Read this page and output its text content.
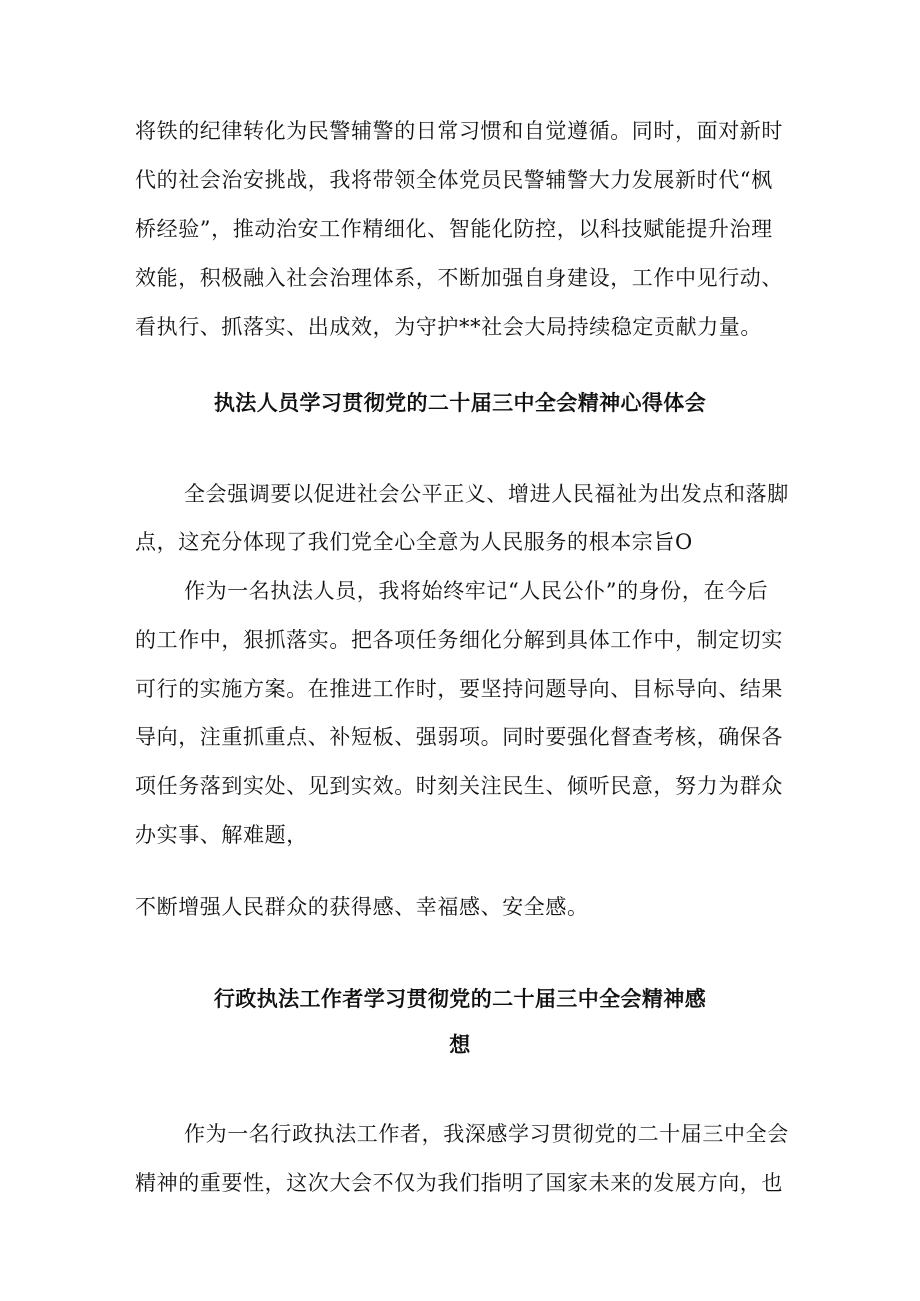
将铁的纪律转化为民警辅警的日常习惯和自觉遵循。同时，面对新时
代的社会治安挑战，我将带领全体党员民警辅警大力发展新时代“枫
桥经验”，推动治安工作精细化、智能化防控，以科技赋能提升治理
效能，积极融入社会治理体系，不断加强自身建设，工作中见行动、
看执行、抓落实、出成效，为守护**社会大局持续稳定贡献力量。
执法人员学习贯彻党的二十届三中全会精神心得体会
全会强调要以促进社会公平正义、增进人民福祉为出发点和落脚
点，这充分体现了我们党全心全意为人民服务的根本宗旨O
作为一名执法人员，我将始终牢记“人民公仆”的身份，在今后
的工作中，狠抓落实。把各项任务细化分解到具体工作中，制定切实
可行的实施方案。在推进工作时，要坚持问题导向、目标导向、结果
导向，注重抓重点、补短板、强弱项。同时要强化督查考核，确保各
项任务落到实处、见到实效。时刻关注民生、倾听民意，努力为群众
办实事、解难题，
不断增强人民群众的获得感、幸福感、安全感。
行政执法工作者学习贯彻党的二十届三中全会精神感
想
作为一名行政执法工作者，我深感学习贯彻党的二十届三中全会
精神的重要性，这次大会不仅为我们指明了国家未来的发展方向，也
